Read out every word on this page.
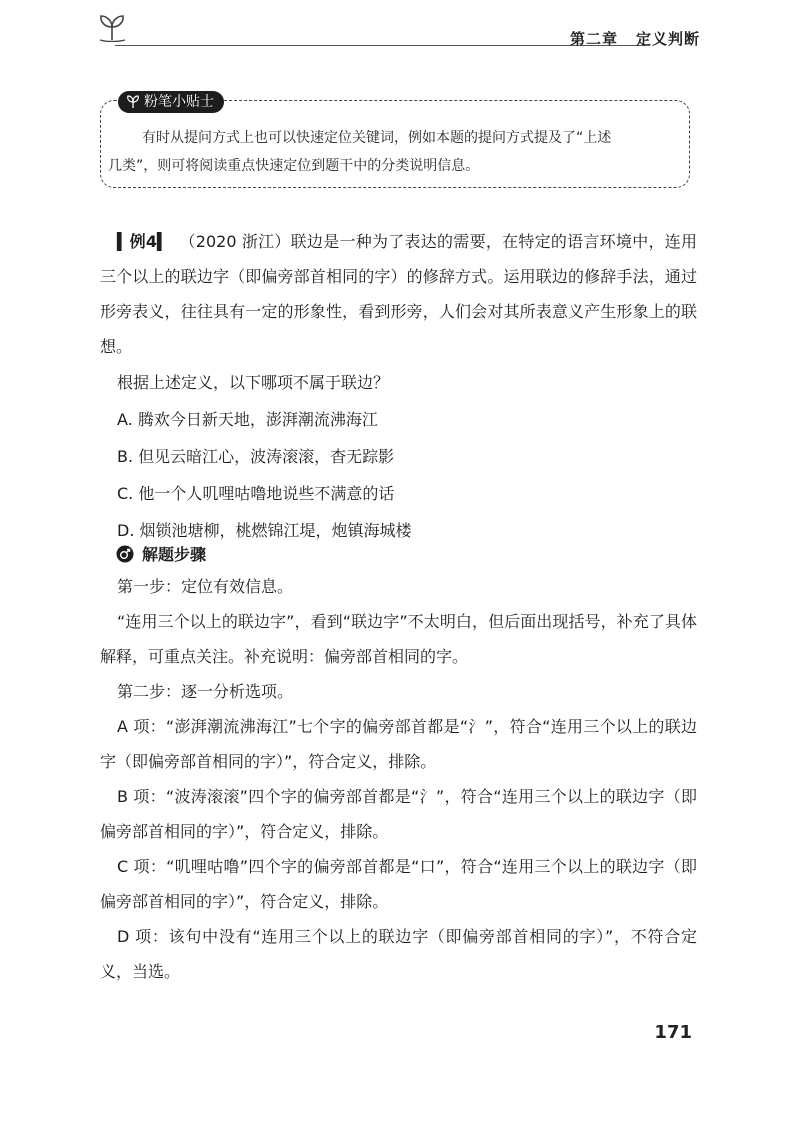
第二章 定义判断
粉笔小贴士

有时从提问方式上也可以快速定位关键词，例如本题的提问方式提及了“上述

几类”，则可将阅读重点快速定位到题干中的分类说明信息。

▍例4▍ （2020 浙江）联边是一种为了表达的需要，在特定的语言环境中，连用三个以上的联边字（即偏旁部首相同的字）的修辞方式。运用联边的修辞手法，通过形旁表义，往往具有一定的形象性，看到形旁，人们会对其所表意义产生形象上的联想。

根据上述定义，以下哪项不属于联边？

A. 腾欢今日新天地，澎湃潮流沸海江

B. 但见云暗江心，波涛滚滚，杳无踪影

C. 他一个人叽哩咕噜地说些不满意的话

D. 烟锁池塘柳，桃燃锦江堤，炮镇海城楼

解题步骤

第一步：定位有效信息。

“连用三个以上的联边字”，看到“联边字”不太明白，但后面出现括号，补充了具体解释，可重点关注。补充说明：偏旁部首相同的字。

第二步：逐一分析选项。

A 项：“澎湃潮流沸海江”七个字的偏旁部首都是“氵”，符合“连用三个以上的联边字（即偏旁部首相同的字）”，符合定义，排除。

B 项：“波涛滚滚”四个字的偏旁部首都是“氵”，符合“连用三个以上的联边字（即偏旁部首相同的字）”，符合定义，排除。

C 项：“叽哩咕噜”四个字的偏旁部首都是“口”，符合“连用三个以上的联边字（即偏旁部首相同的字）”，符合定义，排除。

D 项：该句中没有“连用三个以上的联边字（即偏旁部首相同的字）”，不符合定义，当选。

171
